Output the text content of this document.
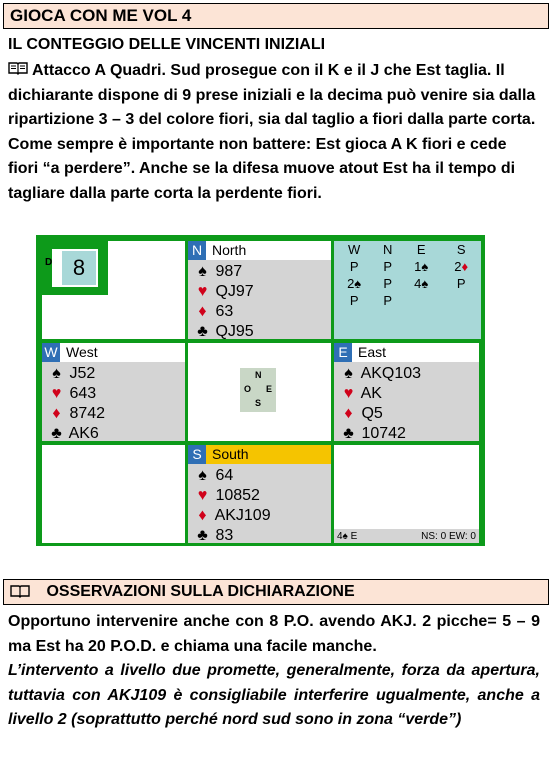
GIOCA CON ME VOL 4
IL CONTEGGIO DELLE VINCENTI INIZIALI
Attacco A Quadri. Sud prosegue con il K e il J che Est taglia. Il dichiarante dispone di 9 prese iniziali e la decima può venire sia dalla ripartizione 3 – 3 del colore fiori, sia dal taglio a fiori dalla parte corta. Come sempre è importante non battere: Est gioca A K fiori e cede fiori “a perdere”. Anche se la difesa muove atout Est ha il tempo di tagliare dalla parte corta la perdente fiori.
D 8
N North
♠ 987
♥ QJ97
♦ 63
♣ QJ95
W	N	E	S
P	P	1♠	2♦
2♠	P	4♠	P
P	P		
W West
♠ J52
♥ 643
♦ 8742
♣ AK6
N
O E
S
E East
♠ AKQ103
♥ AK
♦ Q5
♣ 10742
S South
♠ 64
♥ 10852
♦ AKJ109
♣ 83	4♠ E	NS: 0 EW: 0
OSSERVAZIONI SULLA DICHIARAZIONE
Opportuno intervenire anche con 8 P.O. avendo AKJ. 2 picche= 5 – 9 ma Est ha 20 P.O.D. e chiama una facile manche.
L’intervento a livello due promette, generalmente, forza da apertura, tuttavia con AKJ109 è consigliabile interferire ugualmente, anche a livello 2 (soprattutto perché nord sud sono in zona “verde”)
